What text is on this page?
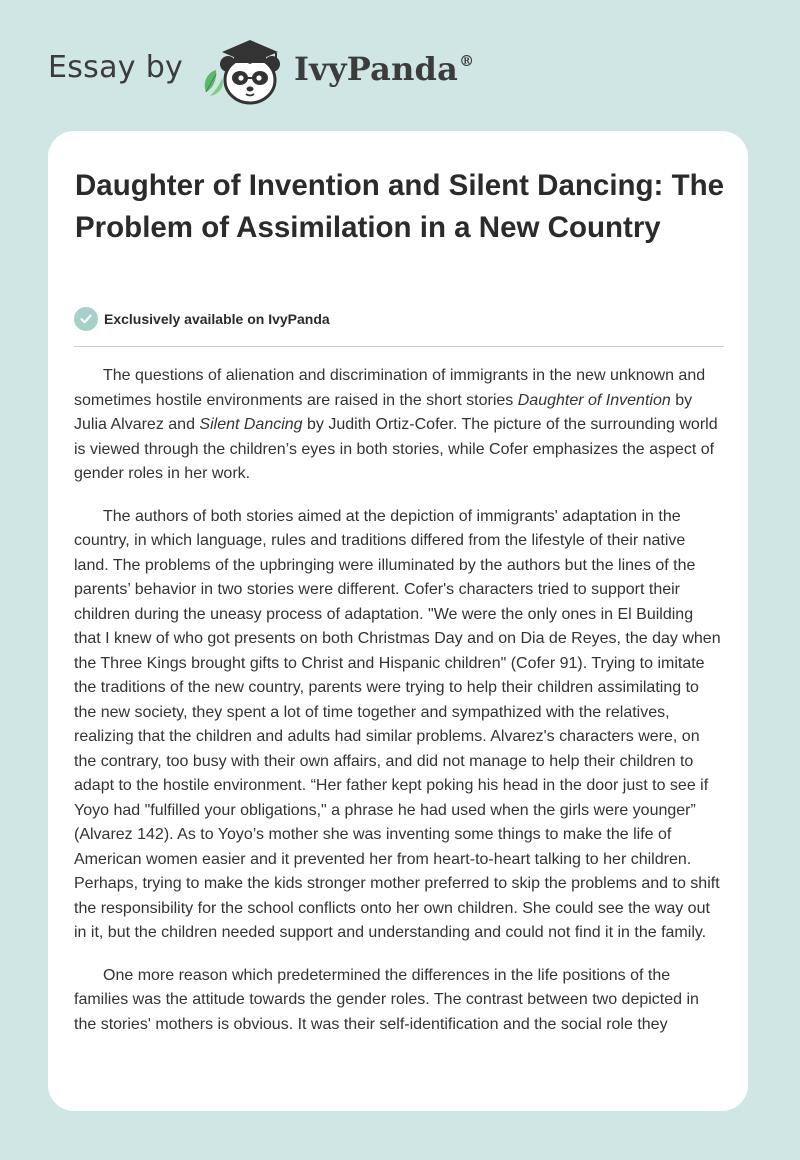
Essay by	IvyPanda®
Daughter of Invention and Silent Dancing: The Problem of Assimilation in a New Country
Exclusively available on IvyPanda

The questions of alienation and discrimination of immigrants in the new unknown and sometimes hostile environments are raised in the short stories Daughter of Invention by Julia Alvarez and Silent Dancing by Judith Ortiz-Cofer. The picture of the surrounding world is viewed through the children’s eyes in both stories, while Cofer emphasizes the aspect of gender roles in her work.

The authors of both stories aimed at the depiction of immigrants' adaptation in the country, in which language, rules and traditions differed from the lifestyle of their native land. The problems of the upbringing were illuminated by the authors but the lines of the parents’ behavior in two stories were different. Cofer's characters tried to support their children during the uneasy process of adaptation. "We were the only ones in El Building that I knew of who got presents on both Christmas Day and on Dia de Reyes, the day when the Three Kings brought gifts to Christ and Hispanic children" (Cofer 91). Trying to imitate the traditions of the new country, parents were trying to help their children assimilating to the new society, they spent a lot of time together and sympathized with the relatives, realizing that the children and adults had similar problems. Alvarez's characters were, on the contrary, too busy with their own affairs, and did not manage to help their children to adapt to the hostile environment. “Her father kept poking his head in the door just to see if Yoyo had "fulfilled your obligations," a phrase he had used when the girls were younger” (Alvarez 142). As to Yoyo’s mother she was inventing some things to make the life of American women easier and it prevented her from heart-to-heart talking to her children. Perhaps, trying to make the kids stronger mother preferred to skip the problems and to shift the responsibility for the school conflicts onto her own children. She could see the way out in it, but the children needed support and understanding and could not find it in the family.

One more reason which predetermined the differences in the life positions of the families was the attitude towards the gender roles. The contrast between two depicted in the stories' mothers is obvious. It was their self-identification and the social role they
